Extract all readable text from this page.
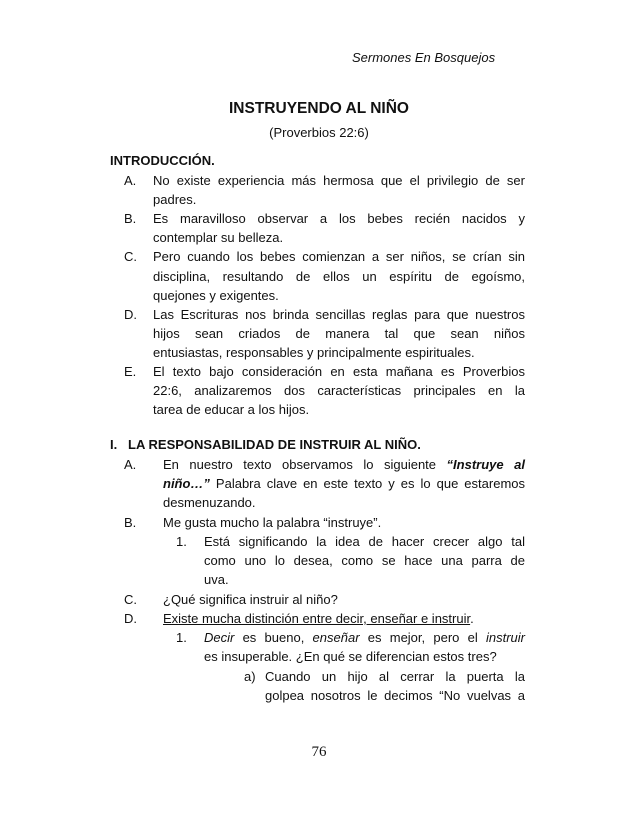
Sermones En Bosquejos
INSTRUYENDO AL NIÑO
(Proverbios 22:6)
INTRODUCCIÓN.
A. No existe experiencia más hermosa que el privilegio de ser
padres.
B. Es maravilloso observar a los bebes recién nacidos y
contemplar su belleza.
C. Pero cuando los bebes comienzan a ser niños, se crían sin
disciplina, resultando de ellos un espíritu de egoísmo,
quejones y exigentes.
D. Las Escrituras nos brinda sencillas reglas para que nuestros
hijos sean criados de manera tal que sean niños
entusiastas, responsables y principalmente espirituales.
E. El texto bajo consideración en esta mañana es Proverbios
22:6, analizaremos dos características principales en la
tarea de educar a los hijos.
I.   LA RESPONSABILIDAD DE INSTRUIR AL NIÑO.
A. En nuestro texto observamos lo siguiente “Instruye al
niño…” Palabra clave en este texto y es lo que estaremos
desmenuzando.
B. Me gusta mucho la palabra “instruye”.
1. Está significando la idea de hacer crecer algo tal
como uno lo desea, como se hace una parra de
uva.
C. ¿Qué significa instruir al niño?
D. Existe mucha distinción entre decir, enseñar e instruir.
1. Decir es bueno, enseñar es mejor, pero el instruir
es insuperable. ¿En qué se diferencian estos tres?
a) Cuando un hijo al cerrar la puerta la
golpea nosotros le decimos “No vuelvas a
76
